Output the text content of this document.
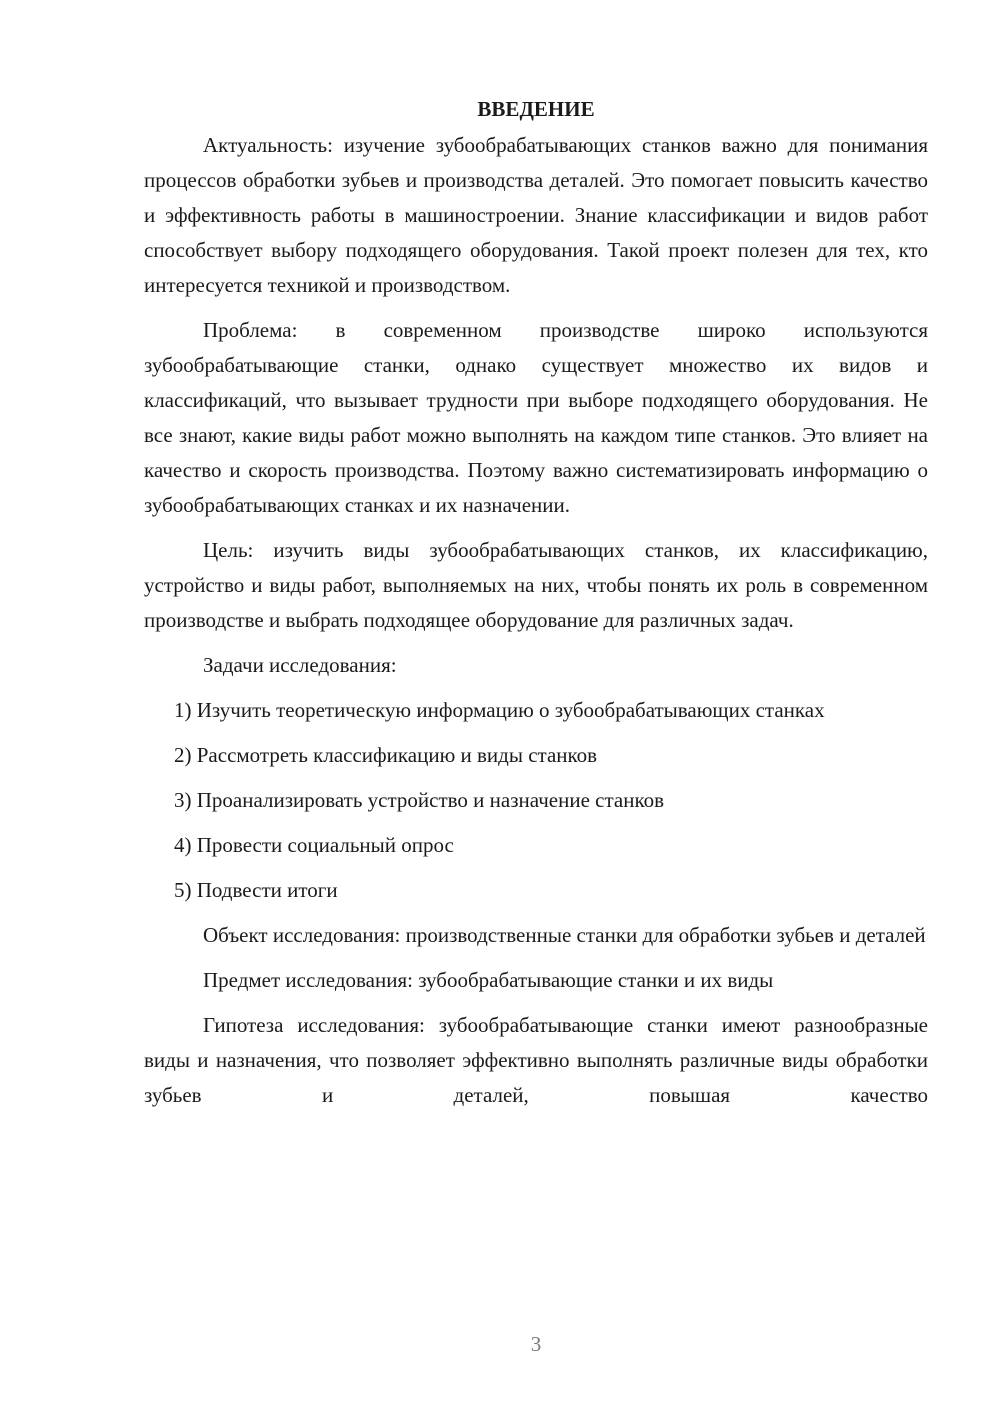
ВВЕДЕНИЕ

Актуальность: изучение зубообрабатывающих станков важно для понимания процессов обработки зубьев и производства деталей. Это помогает повысить качество и эффективность работы в машиностроении. Знание классификации и видов работ способствует выбору подходящего оборудования. Такой проект полезен для тех, кто интересуется техникой и производством.

Проблема: в современном производстве широко используются зубообрабатывающие станки, однако существует множество их видов и классификаций, что вызывает трудности при выборе подходящего оборудования. Не все знают, какие виды работ можно выполнять на каждом типе станков. Это влияет на качество и скорость производства. Поэтому важно систематизировать информацию о зубообрабатывающих станках и их назначении.

Цель: изучить виды зубообрабатывающих станков, их классификацию, устройство и виды работ, выполняемых на них, чтобы понять их роль в современном производстве и выбрать подходящее оборудование для различных задач.

Задачи исследования:

1) Изучить теоретическую информацию о зубообрабатывающих станках

2) Рассмотреть классификацию и виды станков

3) Проанализировать устройство и назначение станков

4) Провести социальный опрос

5) Подвести итоги

Объект исследования: производственные станки для обработки зубьев и деталей

Предмет исследования: зубообрабатывающие станки и их виды

Гипотеза исследования: зубообрабатывающие станки имеют разнообразные виды и назначения, что позволяет эффективно выполнять различные виды обработки зубьев и деталей, повышая качество

3
